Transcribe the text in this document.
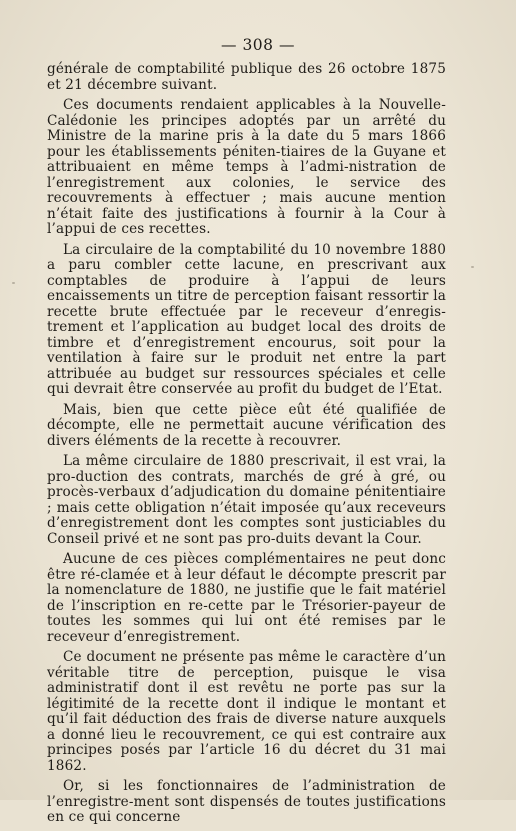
— 308 —

générale de comptabilité publique des 26 octobre 1875 et 21 décembre suivant.

Ces documents rendaient applicables à la Nouvelle-Calédonie les principes adoptés par un arrêté du Ministre de la marine pris à la date du 5 mars 1866 pour les établissements péniten-tiaires de la Guyane et attribuaient en même temps à l’admi-nistration de l’enregistrement aux colonies, le service des recouvrements à effectuer ; mais aucune mention n’était faite des justifications à fournir à la Cour à l’appui de ces recettes.

La circulaire de la comptabilité du 10 novembre 1880 a paru combler cette lacune, en prescrivant aux comptables de produire à l’appui de leurs encaissements un titre de perception faisant ressortir la recette brute effectuée par le receveur d’enregis-trement et l’application au budget local des droits de timbre et d’enregistrement encourus, soit pour la ventilation à faire sur le produit net entre la part attribuée au budget sur ressources spéciales et celle qui devrait être conservée au profit du budget de l’Etat.

Mais, bien que cette pièce eût été qualifiée de décompte, elle ne permettait aucune vérification des divers éléments de la recette à recouvrer.

La même circulaire de 1880 prescrivait, il est vrai, la pro-duction des contrats, marchés de gré à gré, ou procès-verbaux d’adjudication du domaine pénitentiaire ; mais cette obligation n’était imposée qu’aux receveurs d’enregistrement dont les comptes sont justiciables du Conseil privé et ne sont pas pro-duits devant la Cour.

Aucune de ces pièces complémentaires ne peut donc être ré-clamée et à leur défaut le décompte prescrit par la nomenclature de 1880, ne justifie que le fait matériel de l’inscription en re-cette par le Trésorier-payeur de toutes les sommes qui lui ont été remises par le receveur d’enregistrement.

Ce document ne présente pas même le caractère d’un véritable titre de perception, puisque le visa administratif dont il est revêtu ne porte pas sur la légitimité de la recette dont il indique le montant et qu’il fait déduction des frais de diverse nature auxquels a donné lieu le recouvrement, ce qui est contraire aux principes posés par l’article 16 du décret du 31 mai 1862.

Or, si les fonctionnaires de l’administration de l’enregistre-ment sont dispensés de toutes justifications en ce qui concerne
